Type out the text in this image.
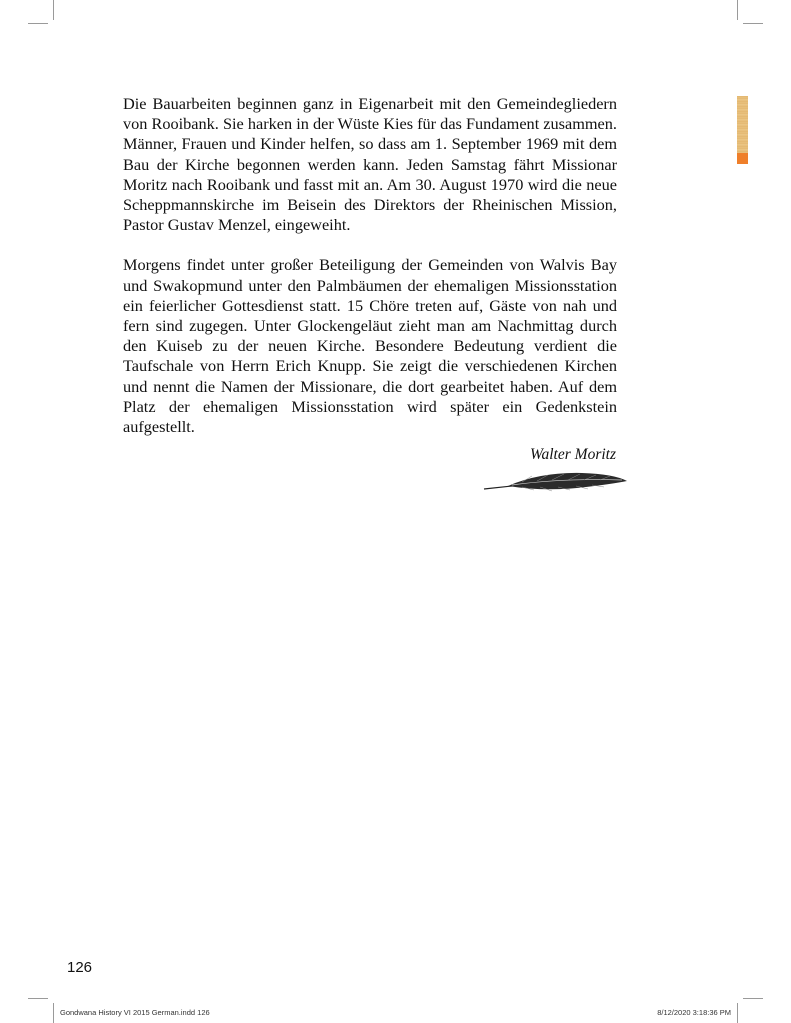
Die Bauarbeiten beginnen ganz in Eigenarbeit mit den Gemeindegliedern von Rooibank. Sie harken in der Wüste Kies für das Fundament zusammen. Männer, Frauen und Kinder helfen, so dass am 1. September 1969 mit dem Bau der Kirche begonnen werden kann. Jeden Samstag fährt Missionar Moritz nach Rooibank und fasst mit an. Am 30. August 1970 wird die neue Scheppmannskirche im Beisein des Direktors der Rheinischen Mission, Pastor Gustav Menzel, eingeweiht.

Morgens findet unter großer Beteiligung der Gemeinden von Walvis Bay und Swakopmund unter den Palmbäumen der ehemaligen Missionsstation ein feierlicher Gottesdienst statt. 15 Chöre treten auf, Gäste von nah und fern sind zugegen. Unter Glockengeläut zieht man am Nachmittag durch den Kuiseb zu der neuen Kirche. Besondere Bedeutung verdient die Taufschale von Herrn Erich Knupp. Sie zeigt die verschiedenen Kirchen und nennt die Namen der Missionare, die dort gearbeitet haben. Auf dem Platz der ehemaligen Missionsstation wird später ein Gedenkstein aufgestellt.

Walter Moritz
126
Gondwana History VI 2015 German.indd 126	8/12/2020 3:18:36 PM
